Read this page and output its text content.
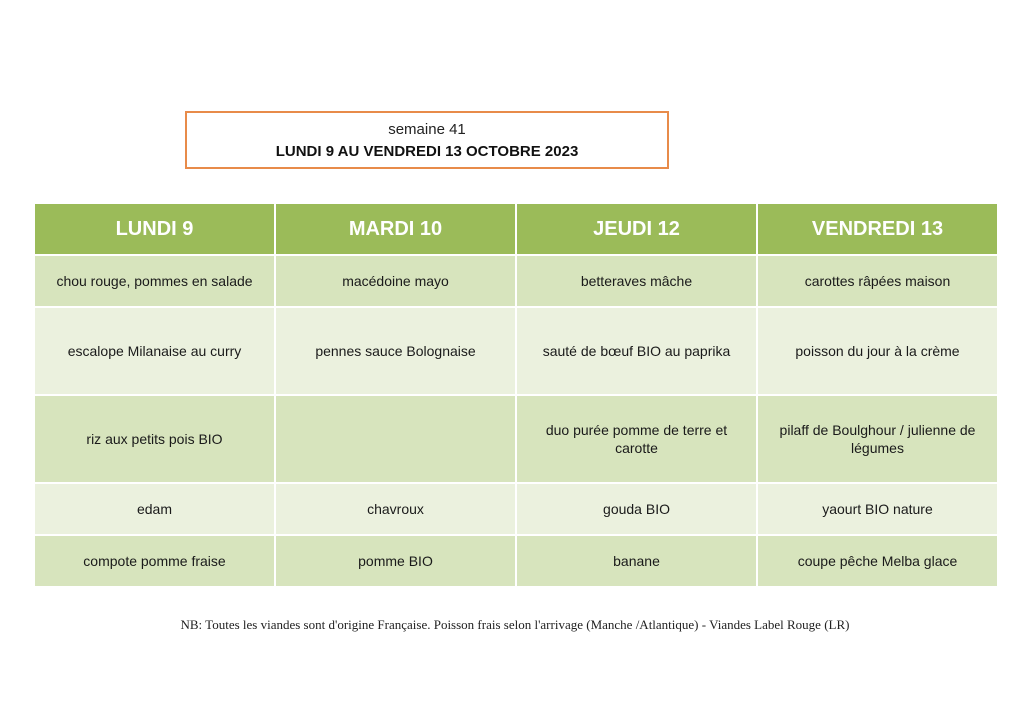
semaine 41
LUNDI 9 AU VENDREDI 13 OCTOBRE 2023
LUNDI 9	MARDI 10	JEUDI 12	VENDREDI 13
chou rouge, pommes en salade	macédoine mayo	betteraves mâche	carottes râpées maison
escalope Milanaise au curry	pennes sauce Bolognaise	sauté de bœuf BIO au paprika	poisson du jour à la crème
riz aux petits pois BIO		duo purée pomme de terre et carotte	pilaff de Boulghour / julienne de légumes
edam	chavroux	gouda BIO	yaourt BIO nature
compote pomme fraise	pomme BIO	banane	coupe pêche Melba glace
NB: Toutes les viandes sont d'origine Française. Poisson frais selon l'arrivage (Manche /Atlantique) - Viandes Label Rouge (LR)
